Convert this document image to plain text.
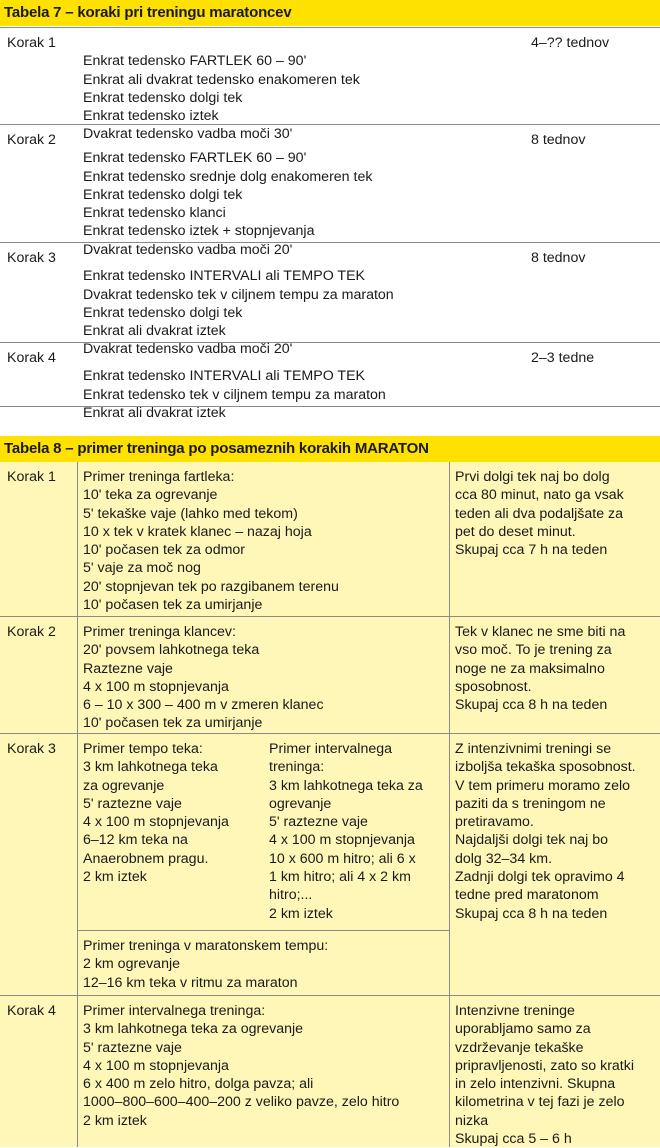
Tabela 7 – koraki pri treningu maratoncev
Korak 1

Enkrat tedensko FARTLEK 60 – 90'
Enkrat ali dvakrat tedensko enakomeren tek
Enkrat tedensko dolgi tek
Enkrat tedensko iztek
Dvakrat tedensko vadba moči 30'

4–?? tednov
Korak 2

Enkrat tedensko FARTLEK 60 – 90'
Enkrat tedensko srednje dolg enakomeren tek
Enkrat tedensko dolgi tek
Enkrat tedensko klanci
Enkrat tedensko iztek + stopnjevanja
Dvakrat tedensko vadba moči 20'

8 tednov
Korak 3

Enkrat tedensko INTERVALI ali TEMPO TEK
Dvakrat tedensko tek v ciljnem tempu za maraton
Enkrat tedensko dolgi tek
Enkrat ali dvakrat iztek
Dvakrat tedensko vadba moči 20'

8 tednov
Korak 4

Enkrat tedensko INTERVALI ali TEMPO TEK
Enkrat tedensko tek v ciljnem tempu za maraton
Enkrat ali dvakrat iztek

2–3 tedne
Tabela 8 – primer treninga po posameznih korakih MARATON
Korak 1 Primer treninga fartleka:
10' teka za ogrevanje
5' tekaške vaje (lahko med tekom)
10 x tek v kratek klanec – nazaj hoja
10' počasen tek za odmor
5' vaje za moč nog
20' stopnjevan tek po razgibanem terenu
10' počasen tek za umirjanje
Prvi dolgi tek naj bo dolg
cca 80 minut, nato ga vsak
teden ali dva podaljšate za
pet do deset minut.
Skupaj cca 7 h na teden
Korak 2 Primer treninga klancev:
20' povsem lahkotnega teka
Raztezne vaje
4 x 100 m stopnjevanja
6 – 10 x 300 – 400 m v zmeren klanec
10' počasen tek za umirjanje
Tek v klanec ne sme biti na
vso moč. To je trening za
noge ne za maksimalno
sposobnost.
Skupaj cca 8 h na teden
Korak 3 Primer tempo teka:
3 km lahkotnega teka
za ogrevanje
5' raztezne vaje
4 x 100 m stopnjevanja
6–12 km teka na
Anaerobnem pragu.
2 km iztek
Primer intervalnega
treninga:
3 km lahkotnega teka za
ogrevanje
5' raztezne vaje
4 x 100 m stopnjevanja
10 x 600 m hitro; ali 6 x
1 km hitro; ali 4 x 2 km
hitro;...
2 km iztek
Primer treninga v maratonskem tempu:
2 km ogrevanje
12–16 km teka v ritmu za maraton
Z intenzivnimi treningi se
izboljša tekaška sposobnost.
V tem primeru moramo zelo
paziti da s treningom ne
pretiravamo.
Najdaljši dolgi tek naj bo
dolg 32–34 km.
Zadnji dolgi tek opravimo 4
tedne pred maratonom
Skupaj cca 8 h na teden
Korak 4 Primer intervalnega treninga:
3 km lahkotnega teka za ogrevanje
5' raztezne vaje
4 x 100 m stopnjevanja
6 x 400 m zelo hitro, dolga pavza; ali
1000–800–600–400–200 z veliko pavze, zelo hitro
2 km iztek
Intenzivne treninge
uporabljamo samo za
vzdrževanje tekaške
pripravljenosti, zato so kratki
in zelo intenzivni. Skupna
kilometrina v tej fazi je zelo
nizka
Skupaj cca 5 – 6 h
